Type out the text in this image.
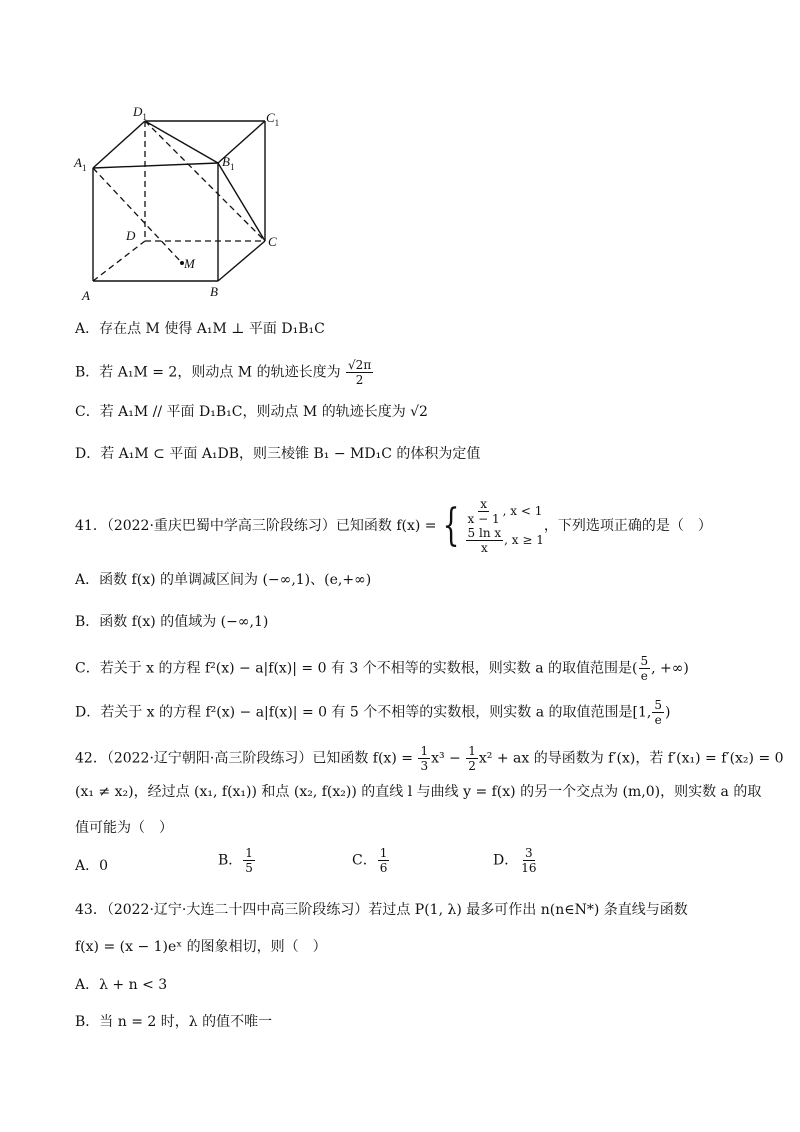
$D_1$	$C_1$
$A_1$	$B_1$
D	C
M
A	B
A．存在点 M 使得 A₁M ⊥ 平面 D₁B₁C
B．若 A₁M = 2，则动点 M 的轨迹长度为 $\frac{√2\pi}{2}$
C．若 A₁M // 平面 D₁B₁C，则动点 M 的轨迹长度为 √2
D．若 A₁M ⊂ 平面 A₁DB，则三棱锥 B₁ − MD₁C 的体积为定值
41．（2022·重庆巴蜀中学高三阶段练习）已知函数 f(x) = { $\frac{x}{x - 1}$ , x < 1
$\frac{\text{5 ln x}}{x}$ , x ≥ 1
，下列选项正确的是（　）
A．函数 f(x) 的单调减区间为 (−∞,1)、(e,+∞)
B．函数 f(x) 的值域为 (−∞,1)
C．若关于 x 的方程 f²(x) − a|f(x)| = 0 有 3 个不相等的实数根，则实数 a 的取值范围是( $\frac{5}{e}$ , +∞)
D．若关于 x 的方程 f²(x) − a|f(x)| = 0 有 5 个不相等的实数根，则实数 a 的取值范围是[1, $\frac{5}{e}$ )
42．（2022·辽宁朝阳·高三阶段练习）已知函数 $f(x) = \frac{1}{3} x^3 - \frac{1}{2} x^2$ + ax 的导函数为 f′(x)，若 f′(x₁) = f′(x₂) = 0
(x₁ ≠ x₂)，经过点 (x₁, f(x₁)) 和点 (x₂, f(x₂)) 的直线 l 与曲线 y = f(x) 的另一个交点为 (m,0)，则实数 a 的取
值可能为（　）
A．0	B． $\frac{1}{5}$	C． $\frac{1}{6}$	D． $\frac{3}{16}$
43．（2022·辽宁·大连二十四中高三阶段练习）若过点 P(1, λ) 最多可作出 n(n∈N*) 条直线与函数
f(x) = (x − 1)eˣ 的图象相切，则（　）
A．λ + n < 3
B．当 n = 2 时，λ 的值不唯一
